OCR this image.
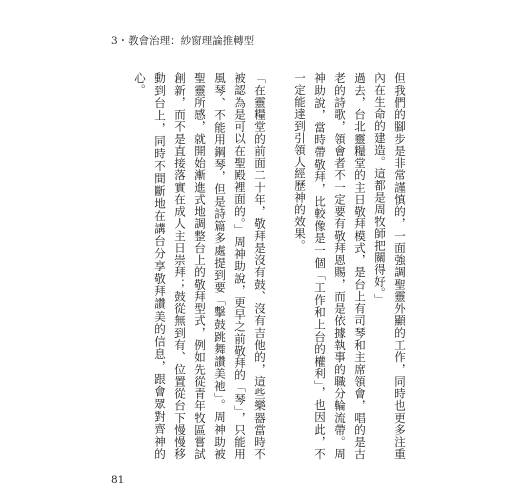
3・教會治理：紗窗理論推轉型

但我們的腳步是非常謹慎的，一面強調聖靈外顯的工作，同時也更多注重內在生命的建造。這都是周牧師把關得好。」

過去，台北靈糧堂的主日敬拜模式，是台上有司琴和主席領會，唱的是古老的詩歌，領會者不一定要有敬拜恩賜，而是依據執事的職分輪流帶。周神助說，當時帶敬拜，比較像是一個「工作和上台的權利」，也因此，不一定能達到引領人經歷神的效果。

「在靈糧堂的前面二十年，敬拜是沒有鼓、沒有吉他的，這些樂器當時不被認為是可以在聖殿裡面的。」周神助說，更早之前敬拜的「琴」，只能用風琴、不能用鋼琴，但是詩篇多處提到要「擊鼓跳舞讚美祂」。周神助被聖靈所感，就開始漸進式地調整台上的敬拜型式，例如先從青年牧區嘗試創新，而不是直接落實在成人主日崇拜；鼓從無到有、位置從台下慢慢移動到台上，同時不間斷地在講台分享敬拜讚美的信息，跟會眾對齊神的心。

81
